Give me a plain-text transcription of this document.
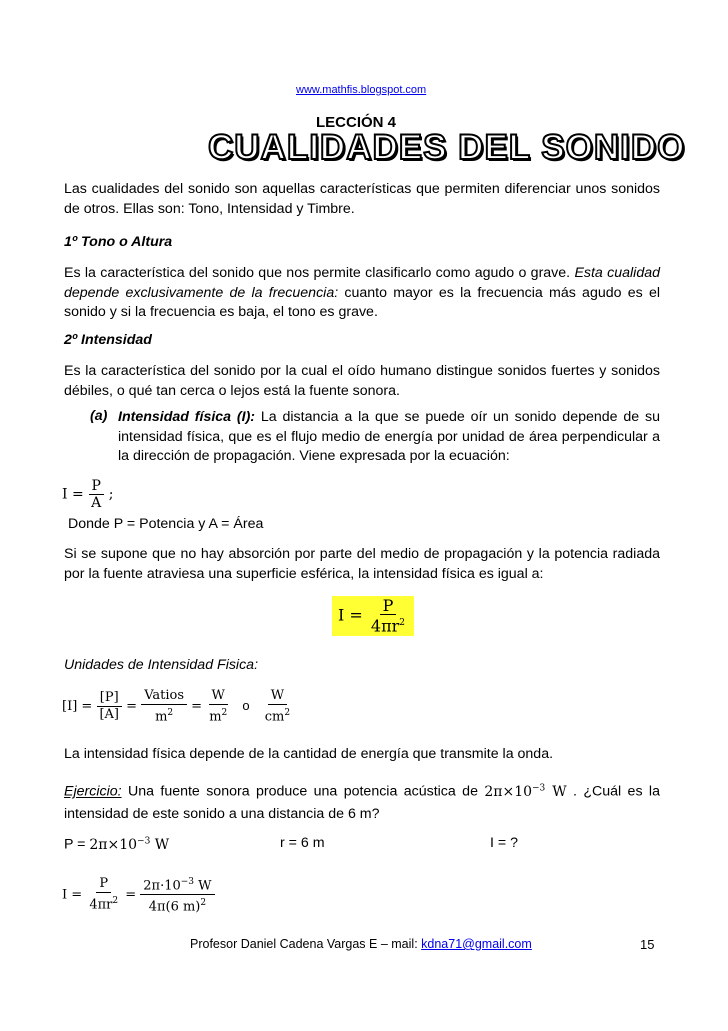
www.mathfis.blogspot.com
LECCIÓN 4
CUALIDADES DEL SONIDO
Las cualidades del sonido son aquellas características que permiten diferenciar unos sonidos de otros. Ellas son: Tono, Intensidad y Timbre.
1º Tono o Altura
Es la característica del sonido que nos permite clasificarlo como agudo o grave. Esta cualidad depende exclusivamente de la frecuencia: cuanto mayor es la frecuencia más agudo es el sonido y si la frecuencia es baja, el tono es grave.
2º Intensidad
Es la característica del sonido por la cual el oído humano distingue sonidos fuertes y sonidos débiles, o qué tan cerca o lejos está la fuente sonora.
(a) Intensidad física (I): La distancia a la que se puede oír un sonido depende de su intensidad física, que es el flujo medio de energía por unidad de área perpendicular a la dirección de propagación. Viene expresada por la ecuación:
$I = \frac{P}{A}$ ;
Donde P = Potencia y A = Área
Si se supone que no hay absorción por parte del medio de propagación y la potencia radiada por la fuente atraviesa una superficie esférica, la intensidad física es igual a:
$I = \frac{P}{4\pi r^2}$
Unidades de Intensidad Fisica:
$[I] = \frac{[P]}{[A]} = \frac{\text{Vatios}}{m^2} = \frac{W}{m^2}$ o $\frac{W}{cm^2}$
La intensidad física depende de la cantidad de energía que transmite la onda.
Ejercicio: Una fuente sonora produce una potencia acústica de $2\pi\times 10^{-3}$ W . ¿Cuál es la intensidad de este sonido a una distancia de 6 m?
$P = 2\pi\times 10^{-3}$ W	r = 6 m	I = ?
$I = \frac{P}{4\pi r^2} = \frac{2\pi\cdot 10^{-3} W}{4\pi(6 m)^2}$
Profesor Daniel Cadena Vargas E – mail: kdna71@gmail.com	15
